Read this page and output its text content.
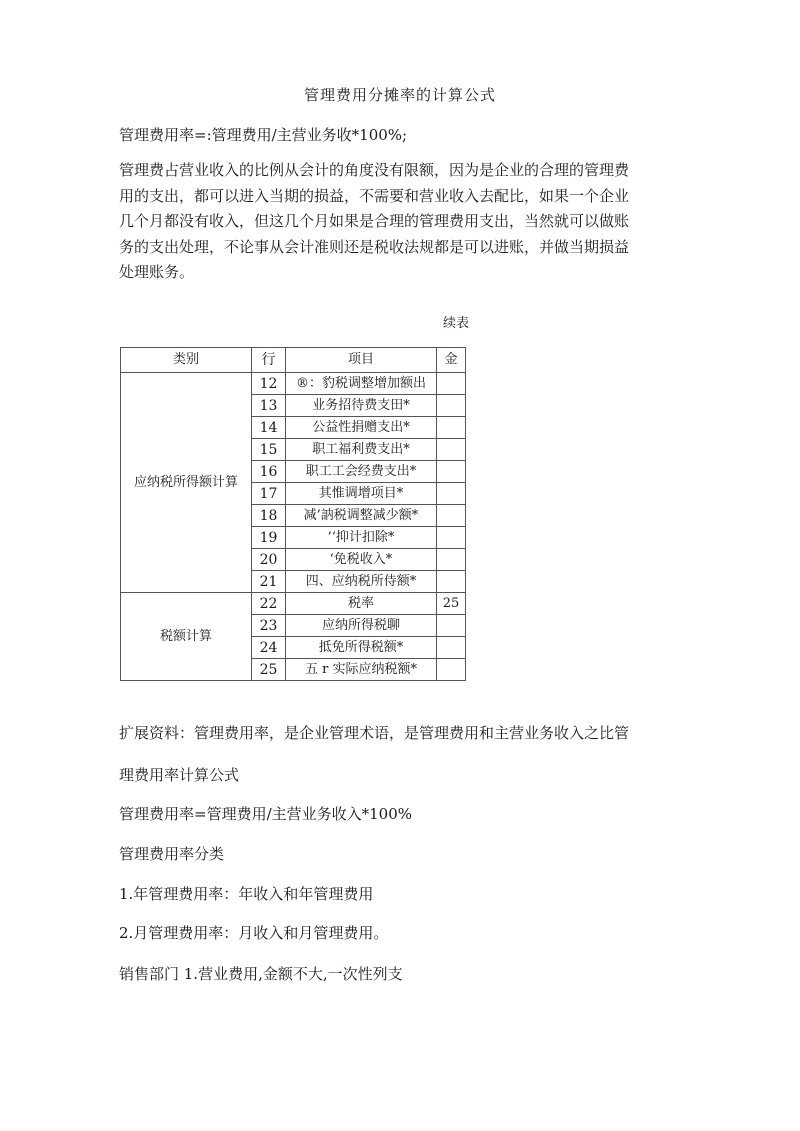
管理费用分摊率的计算公式
管理费用率=:管理费用/主营业务收*100%;
管理费占营业收入的比例从会计的角度没有限额，因为是企业的合理的管理费
用的支出，都可以进入当期的损益，不需要和营业收入去配比，如果一个企业
几个月都没有收入，但这几个月如果是合理的管理费用支出，当然就可以做账
务的支出处理，不论事从会计准则还是税收法规都是可以进账，并做当期损益
处理账务。
续表
类别	行	项目	金
应纳税所得额计算	12	®：豹税调整增加额出	
	13	业务招待费支田*	
	14	公益性捐赠支出*	
	15	职工福利费支出*	
	16	职工工会经费支出*	
	17	其惟调增项目*	
	18	减’訥税调整减少额*	
	19	’‘抑计扣除*	
	20	‘免税收入*	
	21	四、应纳税所侍额*	
税额计算	22	税率	25
	23	应纳所得税聊	
	24	抵免所得税额*	
	25	五 r 实际应纳税额*	
扩展资料：管理费用率，是企业管理术语，是管理费用和主营业务收入之比管
理费用率计算公式
管理费用率=管理费用/主营业务收入*100%
管理费用率分类
1.年管理费用率：年收入和年管理费用
2.月管理费用率：月收入和月管理费用。
销售部门 1.营业费用,金额不大,一次性列支
